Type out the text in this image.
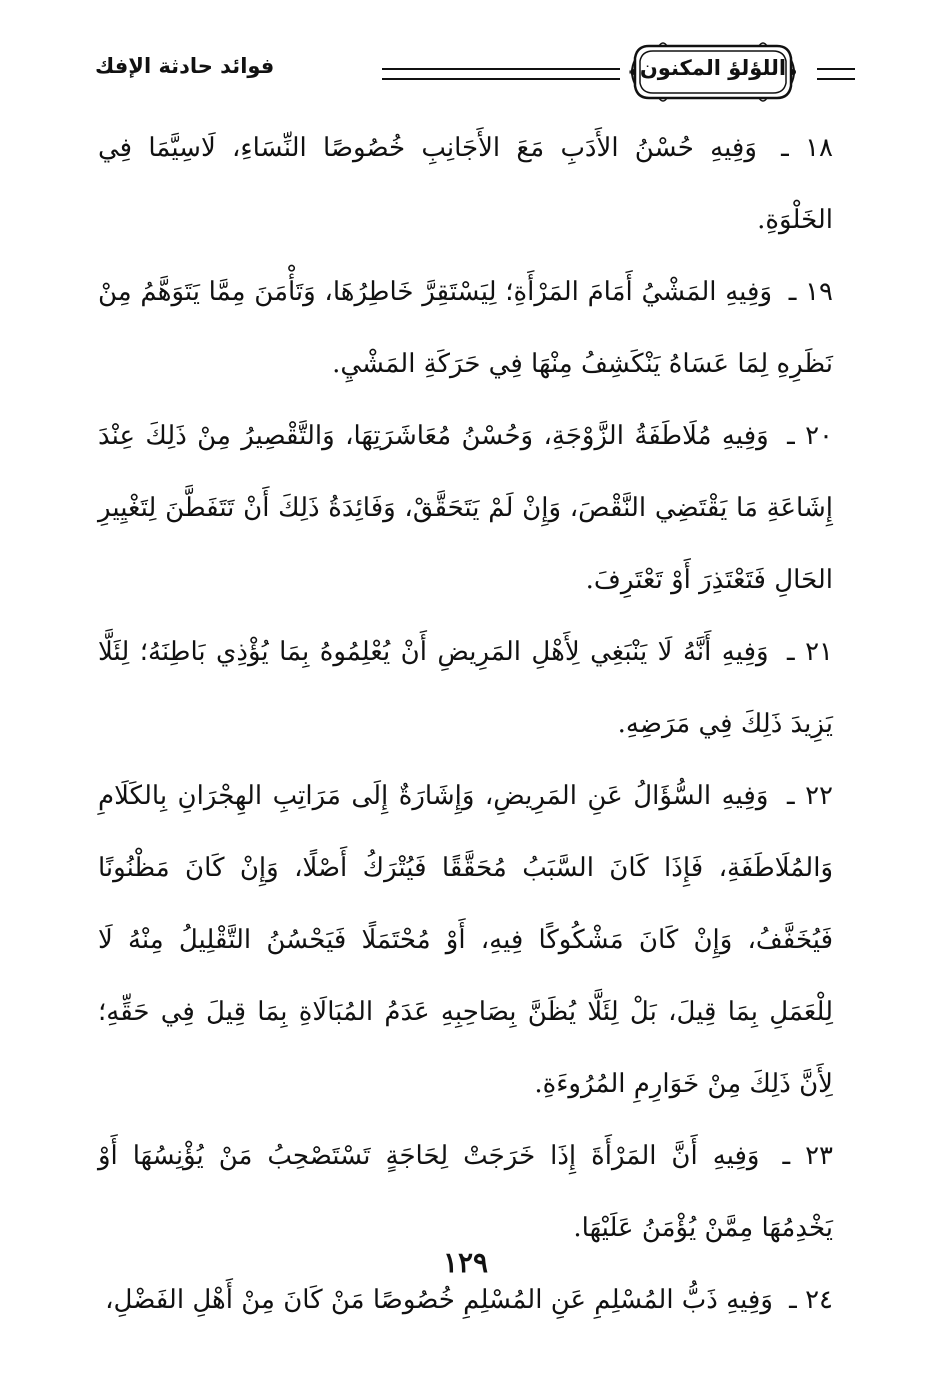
اللؤلؤ المكنون
فوائد حادثة الإفك

١٨ ـ وَفِيهِ حُسْنُ الأَدَبِ مَعَ الأَجَانِبِ خُصُوصًا النِّسَاءِ، لَاسِيَّمَا فِي الخَلْوَةِ.

١٩ ـ وَفِيهِ المَشْيُ أَمَامَ المَرْأَةِ؛ لِيَسْتَقِرَّ خَاطِرُهَا، وَتَأْمَنَ مِمَّا يَتَوَهَّمُ مِنْ نَظَرِهِ لِمَا عَسَاهُ يَنْكَشِفُ مِنْهَا فِي حَرَكَةِ المَشْيِ.

٢٠ ـ وَفِيهِ مُلَاطَفَةُ الزَّوْجَةِ، وَحُسْنُ مُعَاشَرَتِهَا، وَالتَّقْصِيرُ مِنْ ذَلِكَ عِنْدَ إِشَاعَةِ مَا يَقْتَضِي النَّقْصَ، وَإِنْ لَمْ يَتَحَقَّقْ، وَفَائِدَةُ ذَلِكَ أَنْ تَتَفَطَّنَ لِتَغْيِيرِ الحَالِ فَتَعْتَذِرَ أَوْ تَعْتَرِفَ.

٢١ ـ وَفِيهِ أَنَّهُ لَا يَنْبَغِي لِأَهْلِ المَرِيضِ أَنْ يُعْلِمُوهُ بِمَا يُؤْذِي بَاطِنَهُ؛ لِئَلَّا يَزِيدَ ذَلِكَ فِي مَرَضِهِ.

٢٢ ـ وَفِيهِ السُّؤَالُ عَنِ المَرِيضِ، وَإِشَارَةٌ إِلَى مَرَاتِبِ الهِجْرَانِ بِالكَلَامِ وَالمُلَاطَفَةِ، فَإِذَا كَانَ السَّبَبُ مُحَقَّقًا فَيُتْرَكُ أَصْلًا، وَإِنْ كَانَ مَظْنُونًا فَيُخَفَّفُ، وَإِنْ كَانَ مَشْكُوكًا فِيهِ، أَوْ مُحْتَمَلًا فَيَحْسُنُ التَّقْلِيلُ مِنْهُ لَا لِلْعَمَلِ بِمَا قِيلَ، بَلْ لِئَلَّا يُظَنَّ بِصَاحِبِهِ عَدَمُ المُبَالَاةِ بِمَا قِيلَ فِي حَقِّهِ؛ لِأَنَّ ذَلِكَ مِنْ خَوَارِمِ المُرُوءَةِ.

٢٣ ـ وَفِيهِ أَنَّ المَرْأَةَ إِذَا خَرَجَتْ لِحَاجَةٍ تَسْتَصْحِبُ مَنْ يُؤْنِسُهَا أَوْ يَخْدِمُهَا مِمَّنْ يُؤْمَنُ عَلَيْهَا.

٢٤ ـ وَفِيهِ ذَبُّ المُسْلِمِ عَنِ المُسْلِمِ خُصُوصًا مَنْ كَانَ مِنْ أَهْلِ الفَضْلِ،

١٢٩
